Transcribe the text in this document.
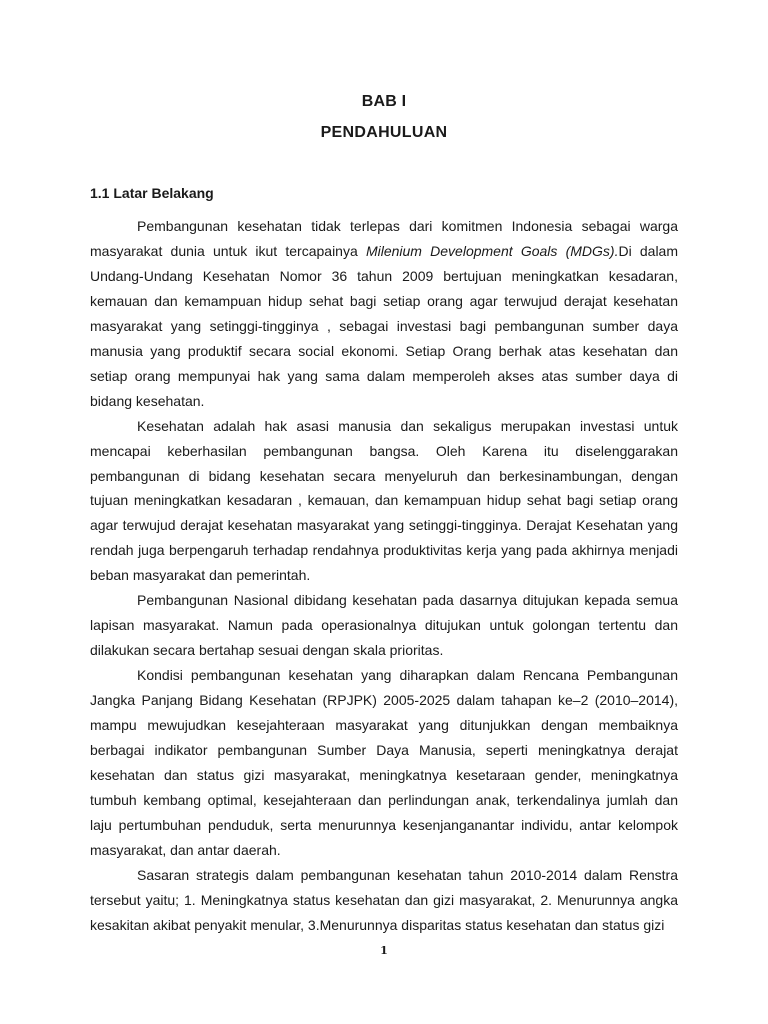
BAB I
PENDAHULUAN
1.1 Latar Belakang

Pembangunan kesehatan tidak terlepas dari komitmen Indonesia sebagai warga masyarakat dunia untuk ikut tercapainya Milenium Development Goals (MDGs).Di dalam Undang-Undang Kesehatan Nomor 36 tahun 2009 bertujuan meningkatkan kesadaran, kemauan dan kemampuan hidup sehat bagi setiap orang agar terwujud derajat kesehatan masyarakat yang setinggi-tingginya , sebagai investasi bagi pembangunan sumber daya manusia yang produktif secara social ekonomi. Setiap Orang berhak atas kesehatan dan setiap orang mempunyai hak yang sama dalam memperoleh akses atas sumber daya di bidang kesehatan.

Kesehatan adalah hak asasi manusia dan sekaligus merupakan investasi untuk mencapai keberhasilan pembangunan bangsa. Oleh Karena itu diselenggarakan pembangunan di bidang kesehatan secara menyeluruh dan berkesinambungan, dengan tujuan meningkatkan kesadaran , kemauan, dan kemampuan hidup sehat bagi setiap orang agar terwujud derajat kesehatan masyarakat yang setinggi-tingginya. Derajat Kesehatan yang rendah juga berpengaruh terhadap rendahnya produktivitas kerja yang pada akhirnya menjadi beban masyarakat dan pemerintah.

Pembangunan Nasional dibidang kesehatan pada dasarnya ditujukan kepada semua lapisan masyarakat. Namun pada operasionalnya ditujukan untuk golongan tertentu dan dilakukan secara bertahap sesuai dengan skala prioritas.

Kondisi pembangunan kesehatan yang diharapkan dalam Rencana Pembangunan Jangka Panjang Bidang Kesehatan (RPJPK) 2005-2025 dalam tahapan ke–2 (2010–2014), mampu mewujudkan kesejahteraan masyarakat yang ditunjukkan dengan membaiknya berbagai indikator pembangunan Sumber Daya Manusia, seperti meningkatnya derajat kesehatan dan status gizi masyarakat, meningkatnya kesetaraan gender, meningkatnya tumbuh kembang optimal, kesejahteraan dan perlindungan anak, terkendalinya jumlah dan laju pertumbuhan penduduk, serta menurunnya kesenjanganantar individu, antar kelompok masyarakat, dan antar daerah.

Sasaran strategis dalam pembangunan kesehatan tahun 2010-2014 dalam Renstra tersebut yaitu; 1. Meningkatnya status kesehatan dan gizi masyarakat, 2. Menurunnya angka kesakitan akibat penyakit menular, 3.Menurunnya disparitas status kesehatan dan status gizi

1
